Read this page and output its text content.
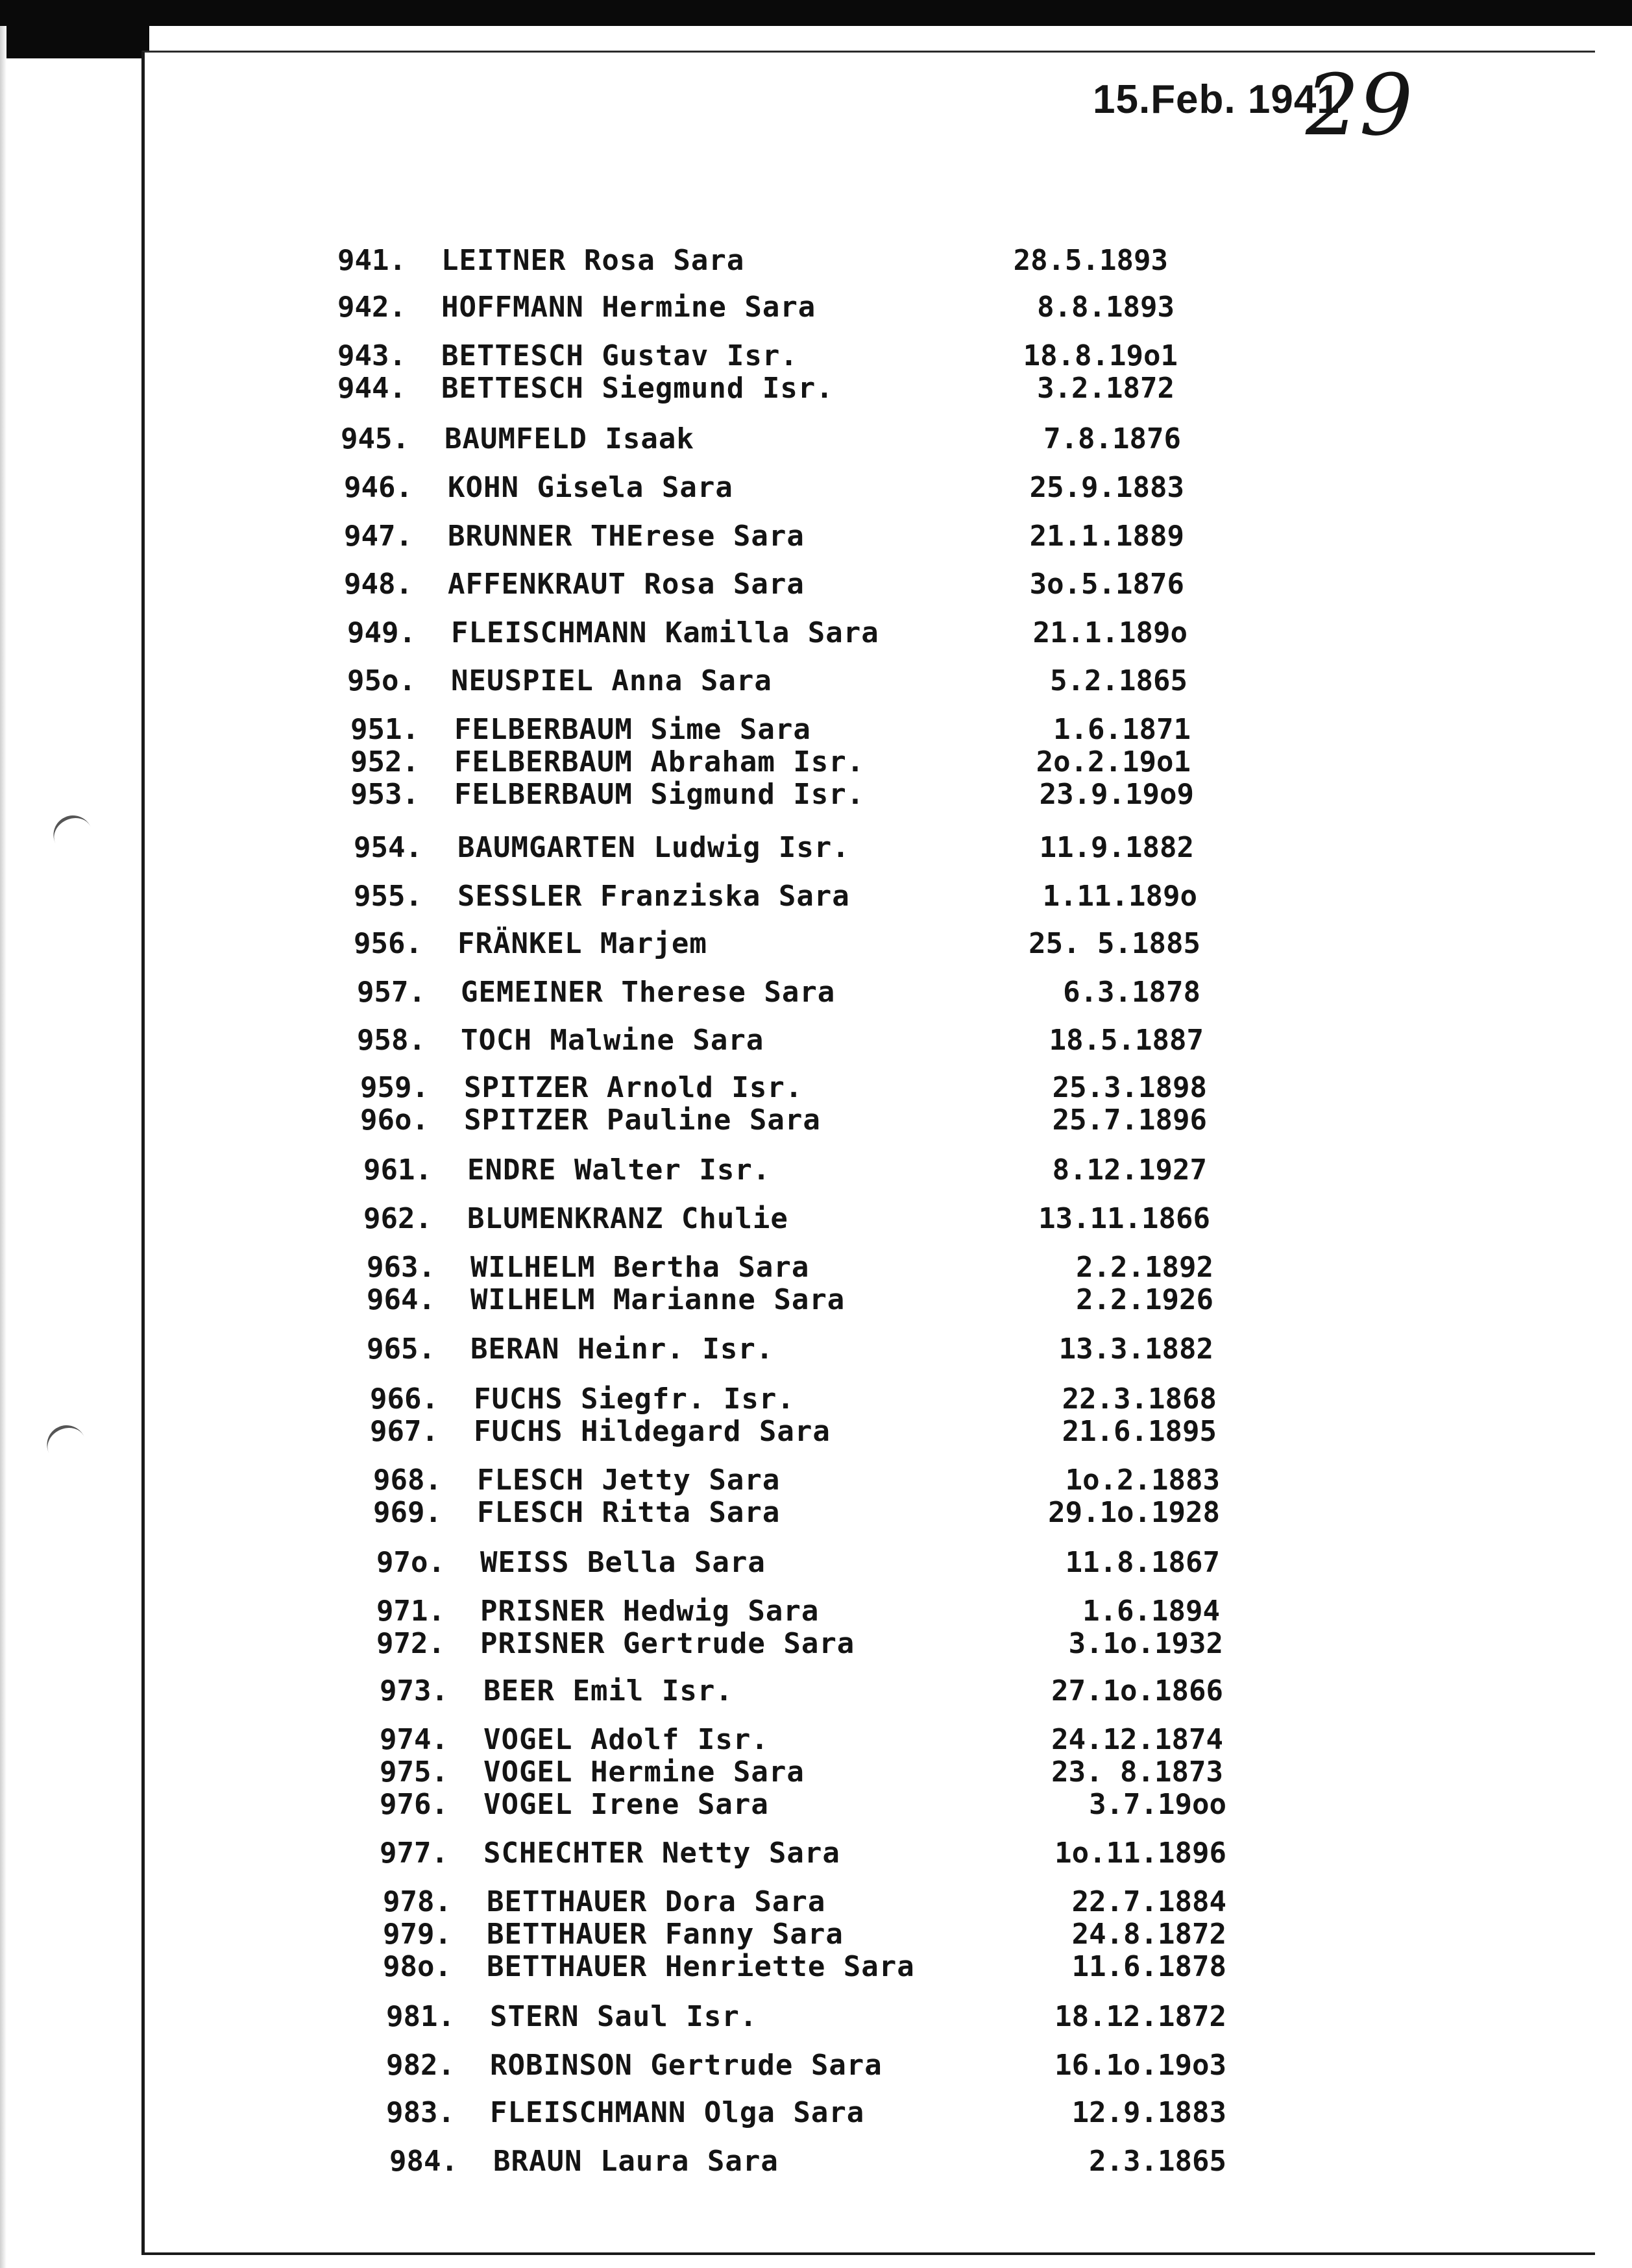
15.Feb. 1941
29
941.	LEITNER Rosa Sara	28.5.1893
942.	HOFFMANN Hermine Sara	8.8.1893
943.	BETTESCH Gustav Isr.	18.8.19o1
944.	BETTESCH Siegmund Isr.	3.2.1872
945.	BAUMFELD Isaak	7.8.1876
946.	KOHN Gisela Sara	25.9.1883
947.	BRUNNER THErese Sara	21.1.1889
948.	AFFENKRAUT Rosa Sara	3o.5.1876
949.	FLEISCHMANN Kamilla Sara	21.1.189o
95o.	NEUSPIEL Anna Sara	5.2.1865
951.	FELBERBAUM Sime Sara	1.6.1871
952.	FELBERBAUM Abraham Isr.	2o.2.19o1
953.	FELBERBAUM Sigmund Isr.	23.9.19o9
954.	BAUMGARTEN Ludwig Isr.	11.9.1882
955.	SESSLER Franziska Sara	1.11.189o
956.	FRÄNKEL Marjem	25. 5.1885
957.	GEMEINER Therese Sara	6.3.1878
958.	TOCH Malwine Sara	18.5.1887
959.	SPITZER Arnold Isr.	25.3.1898
96o.	SPITZER Pauline Sara	25.7.1896
961.	ENDRE Walter Isr.	8.12.1927
962.	BLUMENKRANZ Chulie	13.11.1866
963.	WILHELM Bertha Sara	2.2.1892
964.	WILHELM Marianne Sara	2.2.1926
965.	BERAN Heinr. Isr.	13.3.1882
966.	FUCHS Siegfr. Isr.	22.3.1868
967.	FUCHS Hildegard Sara	21.6.1895
968.	FLESCH Jetty Sara	1o.2.1883
969.	FLESCH Ritta Sara	29.1o.1928
97o.	WEISS Bella Sara	11.8.1867
971.	PRISNER Hedwig Sara	1.6.1894
972.	PRISNER Gertrude Sara	3.1o.1932
973.	BEER Emil Isr.	27.1o.1866
974.	VOGEL Adolf Isr.	24.12.1874
975.	VOGEL Hermine Sara	23. 8.1873
976.	VOGEL Irene Sara	3.7.19oo
977.	SCHECHTER Netty Sara	1o.11.1896
978.	BETTHAUER Dora Sara	22.7.1884
979.	BETTHAUER Fanny Sara	24.8.1872
98o.	BETTHAUER Henriette Sara	11.6.1878
981.	STERN Saul Isr.	18.12.1872
982.	ROBINSON Gertrude Sara	16.1o.19o3
983.	FLEISCHMANN Olga Sara	12.9.1883
984.	BRAUN Laura Sara	2.3.1865
